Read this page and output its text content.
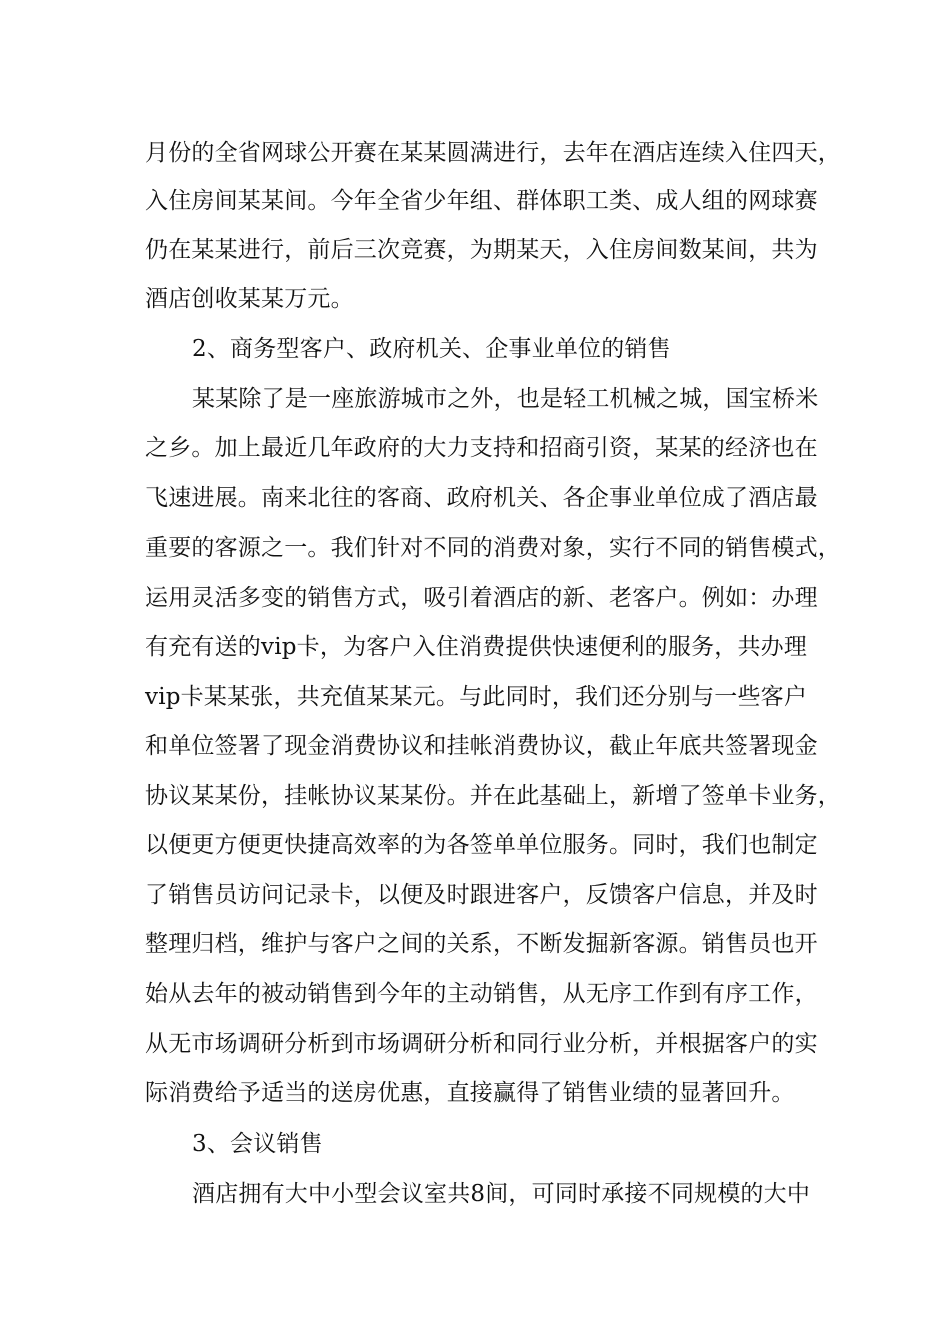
月份的全省网球公开赛在某某圆满进行，去年在酒店连续入住四天，
入住房间某某间。今年全省少年组、群体职工类、成人组的网球赛
仍在某某进行，前后三次竞赛，为期某天，入住房间数某间，共为
酒店创收某某万元。
2、商务型客户、政府机关、企事业单位的销售
某某除了是一座旅游城市之外，也是轻工机械之城，国宝桥米
之乡。加上最近几年政府的大力支持和招商引资，某某的经济也在
飞速进展。南来北往的客商、政府机关、各企事业单位成了酒店最
重要的客源之一。我们针对不同的消费对象，实行不同的销售模式，
运用灵活多变的销售方式，吸引着酒店的新、老客户。例如：办理
有充有送的vip卡，为客户入住消费提供快速便利的服务，共办理
vip卡某某张，共充值某某元。与此同时，我们还分别与一些客户
和单位签署了现金消费协议和挂帐消费协议，截止年底共签署现金
协议某某份，挂帐协议某某份。并在此基础上，新增了签单卡业务，
以便更方便更快捷高效率的为各签单单位服务。同时，我们也制定
了销售员访问记录卡，以便及时跟进客户，反馈客户信息，并及时
整理归档，维护与客户之间的关系，不断发掘新客源。销售员也开
始从去年的被动销售到今年的主动销售，从无序工作到有序工作，
从无市场调研分析到市场调研分析和同行业分析，并根据客户的实
际消费给予适当的送房优惠，直接赢得了销售业绩的显著回升。
3、会议销售
酒店拥有大中小型会议室共8间，可同时承接不同规模的大中
